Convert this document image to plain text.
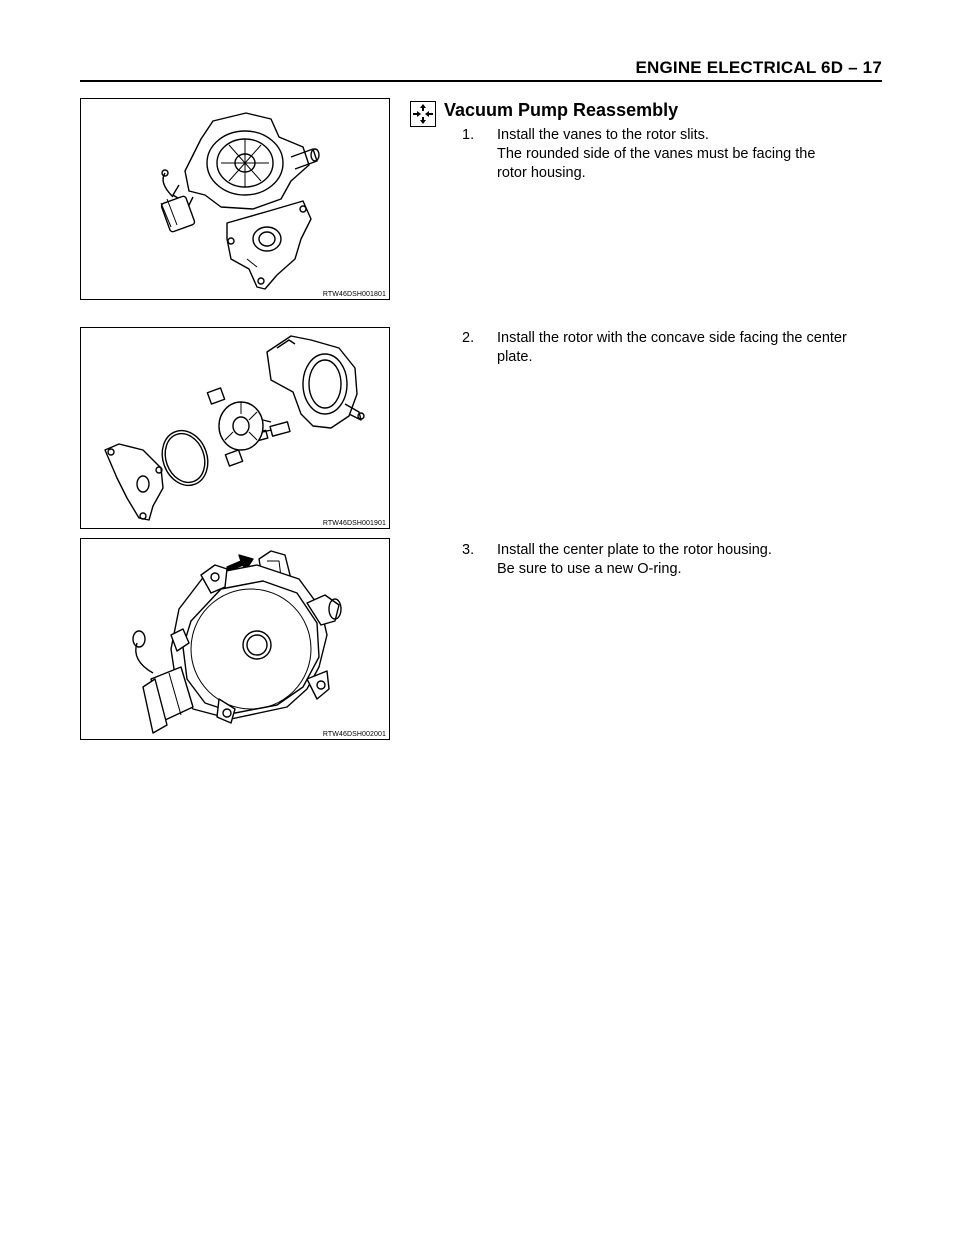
ENGINE ELECTRICAL 6D – 17
RTW46DSH001801
RTW46DSH001901
RTW46DSH002001
Vacuum Pump Reassembly
1.	Install the vanes to the rotor slits.
The rounded side of the vanes must be facing the
rotor housing.
2.	Install the rotor with the concave side facing the center
plate.
3.	Install the center plate to the rotor housing.
Be sure to use a new O-ring.
